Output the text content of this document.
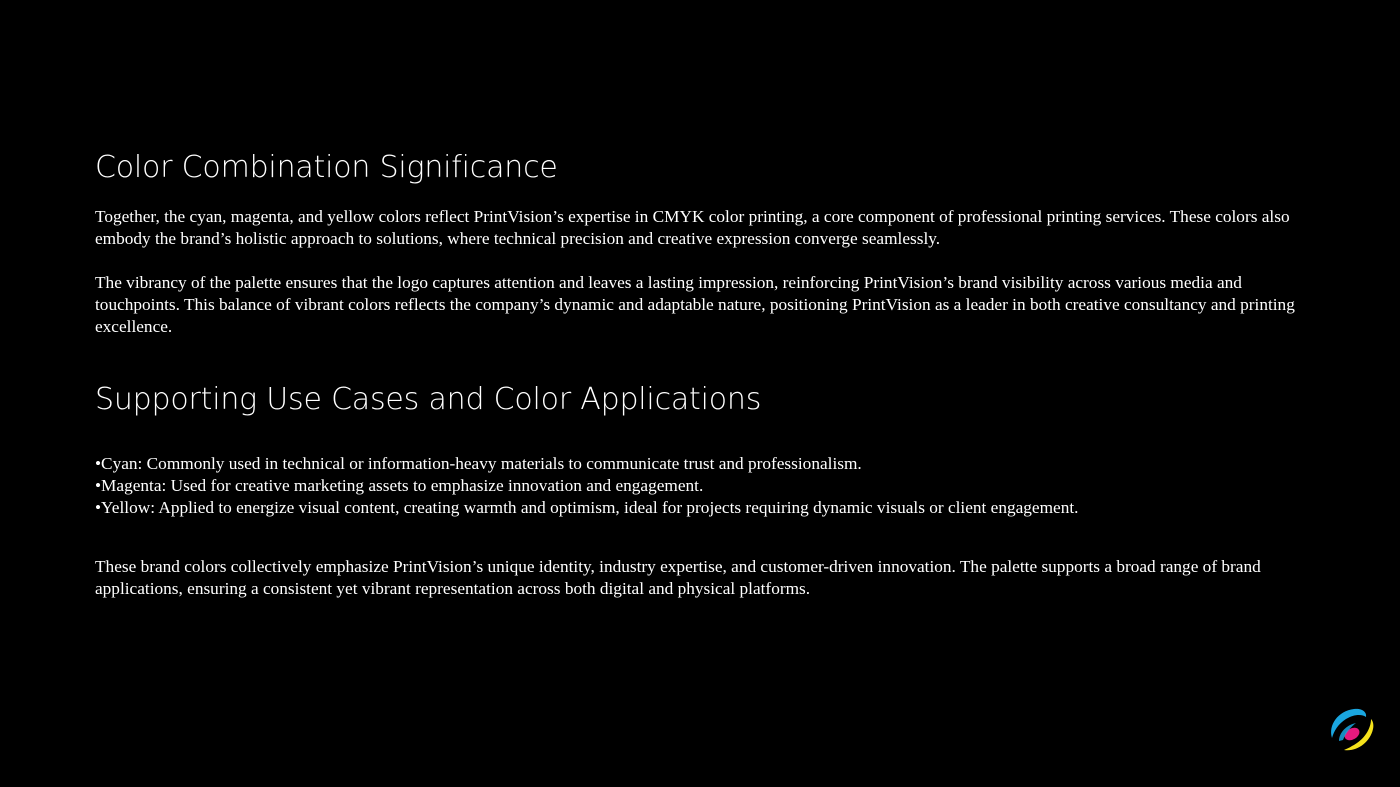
Color Combination Significance

Together, the cyan, magenta, and yellow colors reflect PrintVision’s expertise in CMYK color printing, a core component of professional printing services. These colors also embody the brand’s holistic approach to solutions, where technical precision and creative expression converge seamlessly.

The vibrancy of the palette ensures that the logo captures attention and leaves a lasting impression, reinforcing PrintVision’s brand visibility across various media and touchpoints. This balance of vibrant colors reflects the company’s dynamic and adaptable nature, positioning PrintVision as a leader in both creative consultancy and printing excellence.

Supporting Use Cases and Color Applications
•Cyan: Commonly used in technical or information-heavy materials to communicate trust and professionalism.
•Magenta: Used for creative marketing assets to emphasize innovation and engagement.
•Yellow: Applied to energize visual content, creating warmth and optimism, ideal for projects requiring dynamic visuals or client engagement.

These brand colors collectively emphasize PrintVision’s unique identity, industry expertise, and customer-driven innovation. The palette supports a broad range of brand applications, ensuring a consistent yet vibrant representation across both digital and physical platforms.
